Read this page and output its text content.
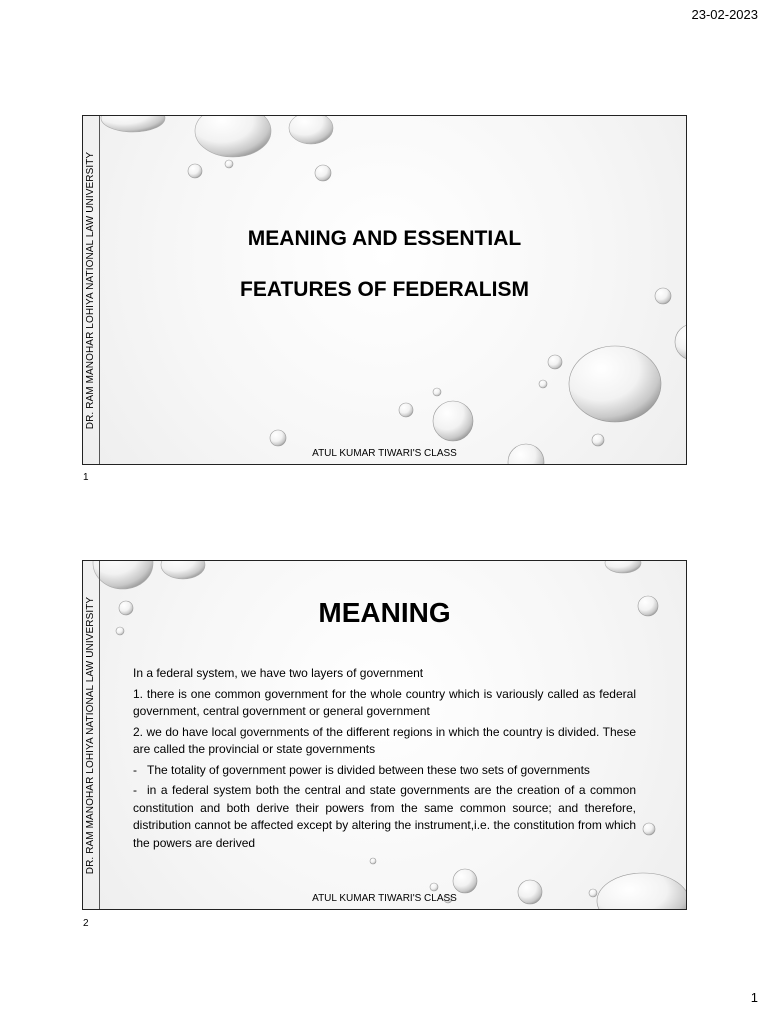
23-02-2023
DR. RAM MANOHAR LOHIYA NATIONAL LAW UNIVERSITY	MEANING AND ESSENTIAL
FEATURES OF FEDERALISM
ATUL KUMAR TIWARI'S CLASS
1
DR. RAM MANOHAR LOHIYA NATIONAL LAW UNIVERSITY	MEANING

In a federal system, we have two layers of government

1. there is one common government for the whole country which is variously called as federal government, central government or general government

2. we do have local governments of the different regions in which the country is divided. These are called the provincial or state governments

- The totality of government power is divided between these two sets of governments

- in a federal system both the central and state governments are the creation of a common constitution and both derive their powers from the same common source; and therefore, distribution cannot be affected except by altering the instrument,i.e. the constitution from which the powers are derived

ATUL KUMAR TIWARI'S CLASS
2
1
